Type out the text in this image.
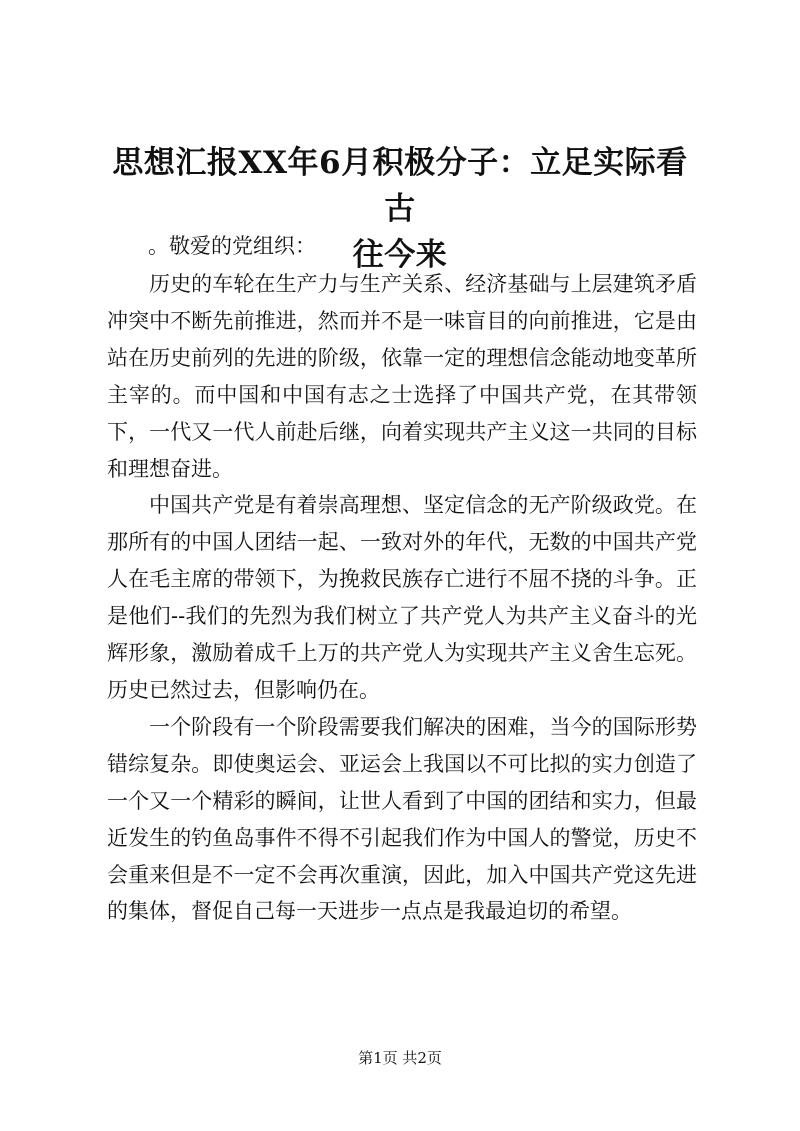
思想汇报XX年6月积极分子：立足实际看古
往今来

。敬爱的党组织：

历史的车轮在生产力与生产关系、经济基础与上层建筑矛盾冲突中不断先前推进，然而并不是一味盲目的向前推进，它是由站在历史前列的先进的阶级，依靠一定的理想信念能动地变革所主宰的。而中国和中国有志之士选择了中国共产党，在其带领下，一代又一代人前赴后继，向着实现共产主义这一共同的目标和理想奋进。

中国共产党是有着崇高理想、坚定信念的无产阶级政党。在那所有的中国人团结一起、一致对外的年代，无数的中国共产党人在毛主席的带领下，为挽救民族存亡进行不屈不挠的斗争。正是他们--我们的先烈为我们树立了共产党人为共产主义奋斗的光辉形象，激励着成千上万的共产党人为实现共产主义舍生忘死。历史已然过去，但影响仍在。

一个阶段有一个阶段需要我们解决的困难，当今的国际形势错综复杂。即使奥运会、亚运会上我国以不可比拟的实力创造了一个又一个精彩的瞬间，让世人看到了中国的团结和实力，但最近发生的钓鱼岛事件不得不引起我们作为中国人的警觉，历史不会重来但是不一定不会再次重演，因此，加入中国共产党这先进的集体，督促自己每一天进步一点点是我最迫切的希望。

第1页 共2页
